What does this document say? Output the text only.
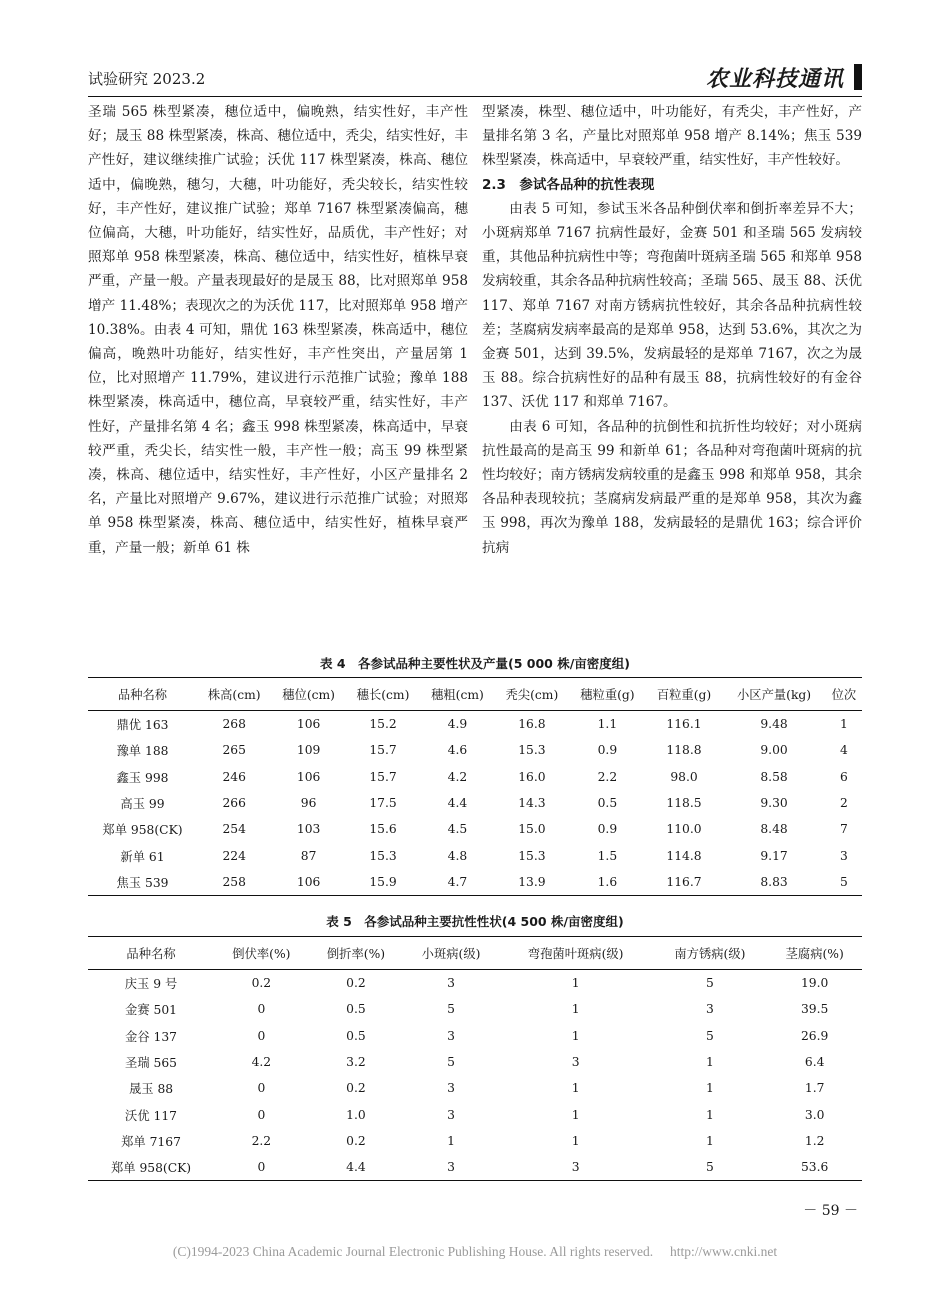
试验研究 2023.2	农业科技通讯

圣瑞 565 株型紧凑，穗位适中，偏晚熟，结实性好，丰产性好；晟玉 88 株型紧凑，株高、穗位适中，秃尖，结实性好，丰产性好，建议继续推广试验；沃优 117 株型紧凑，株高、穗位适中，偏晚熟，穗匀，大穗，叶功能好，秃尖较长，结实性较好，丰产性好，建议推广试验；郑单 7167 株型紧凑偏高，穗位偏高，大穗，叶功能好，结实性好，品质优，丰产性好；对照郑单 958 株型紧凑，株高、穗位适中，结实性好，植株早衰严重，产量一般。产量表现最好的是晟玉 88，比对照郑单 958 增产 11.48%；表现次之的为沃优 117，比对照郑单 958 增产 10.38%。由表 4 可知，鼎优 163 株型紧凑，株高适中，穗位偏高，晚熟叶功能好，结实性好，丰产性突出，产量居第 1 位，比对照增产 11.79%，建议进行示范推广试验；豫单 188 株型紧凑，株高适中，穗位高，早衰较严重，结实性好，丰产性好，产量排名第 4 名；鑫玉 998 株型紧凑，株高适中，早衰较严重，秃尖长，结实性一般，丰产性一般；高玉 99 株型紧凑，株高、穗位适中，结实性好，丰产性好，小区产量排名 2 名，产量比对照增产 9.67%，建议进行示范推广试验；对照郑单 958 株型紧凑，株高、穗位适中，结实性好，植株早衰严重，产量一般；新单 61 株

型紧凑，株型、穗位适中，叶功能好，有秃尖，丰产性好，产量排名第 3 名，产量比对照郑单 958 增产 8.14%；焦玉 539 株型紧凑，株高适中，早衰较严重，结实性好，丰产性较好。

2.3　参试各品种的抗性表现

由表 5 可知，参试玉米各品种倒伏率和倒折率差异不大；小斑病郑单 7167 抗病性最好，金赛 501 和圣瑞 565 发病较重，其他品种抗病性中等；弯孢菌叶斑病圣瑞 565 和郑单 958 发病较重，其余各品种抗病性较高；圣瑞 565、晟玉 88、沃优 117、郑单 7167 对南方锈病抗性较好，其余各品种抗病性较差；茎腐病发病率最高的是郑单 958，达到 53.6%，其次之为金赛 501，达到 39.5%，发病最轻的是郑单 7167，次之为晟玉 88。综合抗病性好的品种有晟玉 88，抗病性较好的有金谷 137、沃优 117 和郑单 7167。

由表 6 可知，各品种的抗倒性和抗折性均较好；对小斑病抗性最高的是高玉 99 和新单 61；各品种对弯孢菌叶斑病的抗性均较好；南方锈病发病较重的是鑫玉 998 和郑单 958，其余各品种表现较抗；茎腐病发病最严重的是郑单 958，其次为鑫玉 998，再次为豫单 188，发病最轻的是鼎优 163；综合评价抗病

表 4　各参试品种主要性状及产量(5 000 株/亩密度组)
品种名称	株高(cm)	穗位(cm)	穗长(cm)	穗粗(cm)	秃尖(cm)	穗粒重(g)	百粒重(g)	小区产量(kg)	位次
鼎优 163	268	106	15.2	4.9	16.8	1.1	116.1	9.48	1
豫单 188	265	109	15.7	4.6	15.3	0.9	118.8	9.00	4
鑫玉 998	246	106	15.7	4.2	16.0	2.2	98.0	8.58	6
高玉 99	266	96	17.5	4.4	14.3	0.5	118.5	9.30	2
郑单 958(CK)	254	103	15.6	4.5	15.0	0.9	110.0	8.48	7
新单 61	224	87	15.3	4.8	15.3	1.5	114.8	9.17	3
焦玉 539	258	106	15.9	4.7	13.9	1.6	116.7	8.83	5
表 5　各参试品种主要抗性性状(4 500 株/亩密度组)
品种名称	倒伏率(%)	倒折率(%)	小斑病(级)	弯孢菌叶斑病(级)	南方锈病(级)	茎腐病(%)
庆玉 9 号	0.2	0.2	3	1	5	19.0
金赛 501	0	0.5	5	1	3	39.5
金谷 137	0	0.5	3	1	5	26.9
圣瑞 565	4.2	3.2	5	3	1	6.4
晟玉 88	0	0.2	3	1	1	1.7
沃优 117	0	1.0	3	1	1	3.0
郑单 7167	2.2	0.2	1	1	1	1.2
郑单 958(CK)	0	4.4	3	3	5	53.6
－ 59 －
(C)1994-2023 China Academic Journal Electronic Publishing House. All rights reserved.　 http://www.cnki.net
